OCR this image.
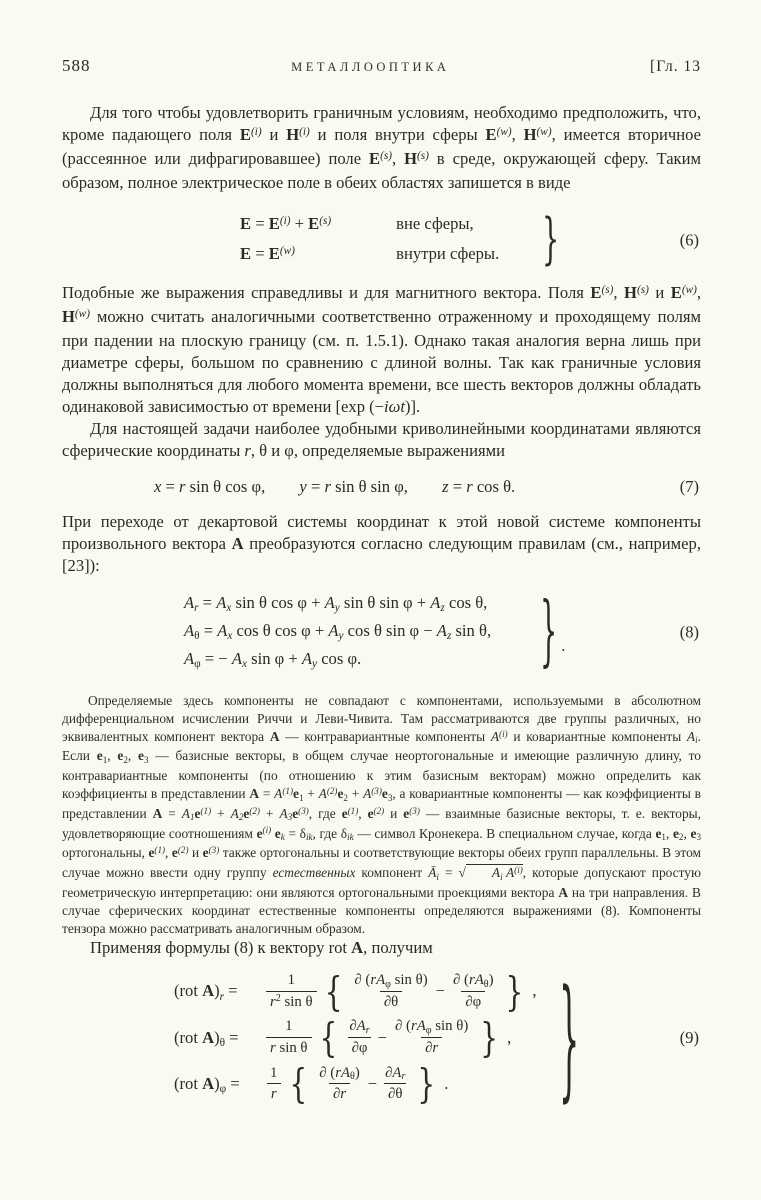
588	МЕТАЛЛООПТИКА	[Гл. 13

Для того чтобы удовлетворить граничным условиям, необходимо предположить, что, кроме падающего поля $E^{(i)}$ и $H^{(i)}$ и поля внутри сферы $E^{(w)}$, $H^{(w)}$, имеется вторичное (рассеянное или дифрагировавшее) поле $E^{(s)}$, $H^{(s)}$ в среде, окружающей сферу. Таким образом, полное электрическое поле в обеих областях запишется в виде

$E = E^{(i)} + E^{(s)}$	вне сферы,
$E = E^{(w)}$	внутри сферы.	}	(6)

Подобные же выражения справедливы и для магнитного вектора. Поля $E^{(s)}$, $H^{(s)}$ и $E^{(w)}$, $H^{(w)}$ можно считать аналогичными соответственно отраженному и проходящему полям при падении на плоскую границу (см. п. 1.5.1). Однако такая аналогия верна лишь при диаметре сферы, большом по сравнению с длиной волны. Так как граничные условия должны выполняться для любого момента времени, все шесть векторов должны обладать одинаковой зависимостью от времени [exp (−iωt)].

Для настоящей задачи наиболее удобными криволинейными координатами являются сферические координаты r, θ и φ, определяемые выражениями

x = r sin θ cos φ, y = r sin θ sin φ, z = r cos θ.	(7)

При переходе от декартовой системы координат к этой новой системе компоненты произвольного вектора A преобразуются согласно следующим правилам (см., например, [23]):

Ar = Ax sin θ cos φ + Ay sin θ sin φ + Az cos θ,
Aθ = Ax cos θ cos φ + Ay cos θ sin φ − Az sin θ,
Aφ = − Ax sin φ + Ay cos φ.	} .
(8)

Определяемые здесь компоненты не совпадают с компонентами, используемыми в абсолютном дифференциальном исчислении Риччи и Леви-Чивита. Там рассматриваются две группы различных, но эквивалентных компонент вектора A — контравариантные компоненты $A^{(i)}$ и ковариантные компоненты Ai. Если e1, e2, e3 — базисные векторы, в общем случае неортогональные и имеющие различную длину, то контравариантные компоненты (по отношению к этим базисным векторам) можно определить как коэффициенты в представлении $A = A^{(1)}e1 + A^{(2)}e2 + A^{(3)}e3$, а ковариантные компоненты — как коэффициенты в представлении $A = A1e^{(1)} + A2e^{(2)} + A3e^{(3)}$, где $e^{(1)}$, $e^{(2)}$ и $e^{(3)}$ — взаимные базисные векторы, т. е. векторы, удовлетворяющие соотношениям $e^{(i)}$ ek = δik, где δik — символ Кронекера. В специальном случае, когда e1, e2, e3 ортогональны, $e^{(1)}$, $e^{(2)}$ и $e^{(3)}$ также ортогональны и соответствующие векторы обеих групп параллельны. В этом случае можно ввести одну группу естественных компонент Āi = √ Ai $A^{(i)}$, которые допускают простую геометрическую интерпретацию: они являются ортогональными проекциями вектора A на три направления. В случае сферических координат естественные компоненты определяются выражениями (8). Компоненты тензора можно рассматривать аналогичным образом.

Применяя формулы (8) к вектору rot A, получим

(rot A)r =	$\frac{1}{r^2 \sin \theta}$ { $\frac{\text{∂ (rAφ sin θ)}}{\partial\theta} - \frac{\text{∂ (rAθ)}}{\partial\varphi}$ } ,
(rot A)θ =	$\frac{1}{\text{r sin θ}}$ { $\frac{\partial Ar}{\partial\varphi} - \frac{\text{∂ (rAφ sin θ)}}{\partial r}$ } ,
(rot A)φ =	$\frac{1}{r}$ { $\frac{\text{∂ (rAθ)}}{\partial r} - \frac{\partial Ar}{\partial\theta}$ } .	}	(9)
